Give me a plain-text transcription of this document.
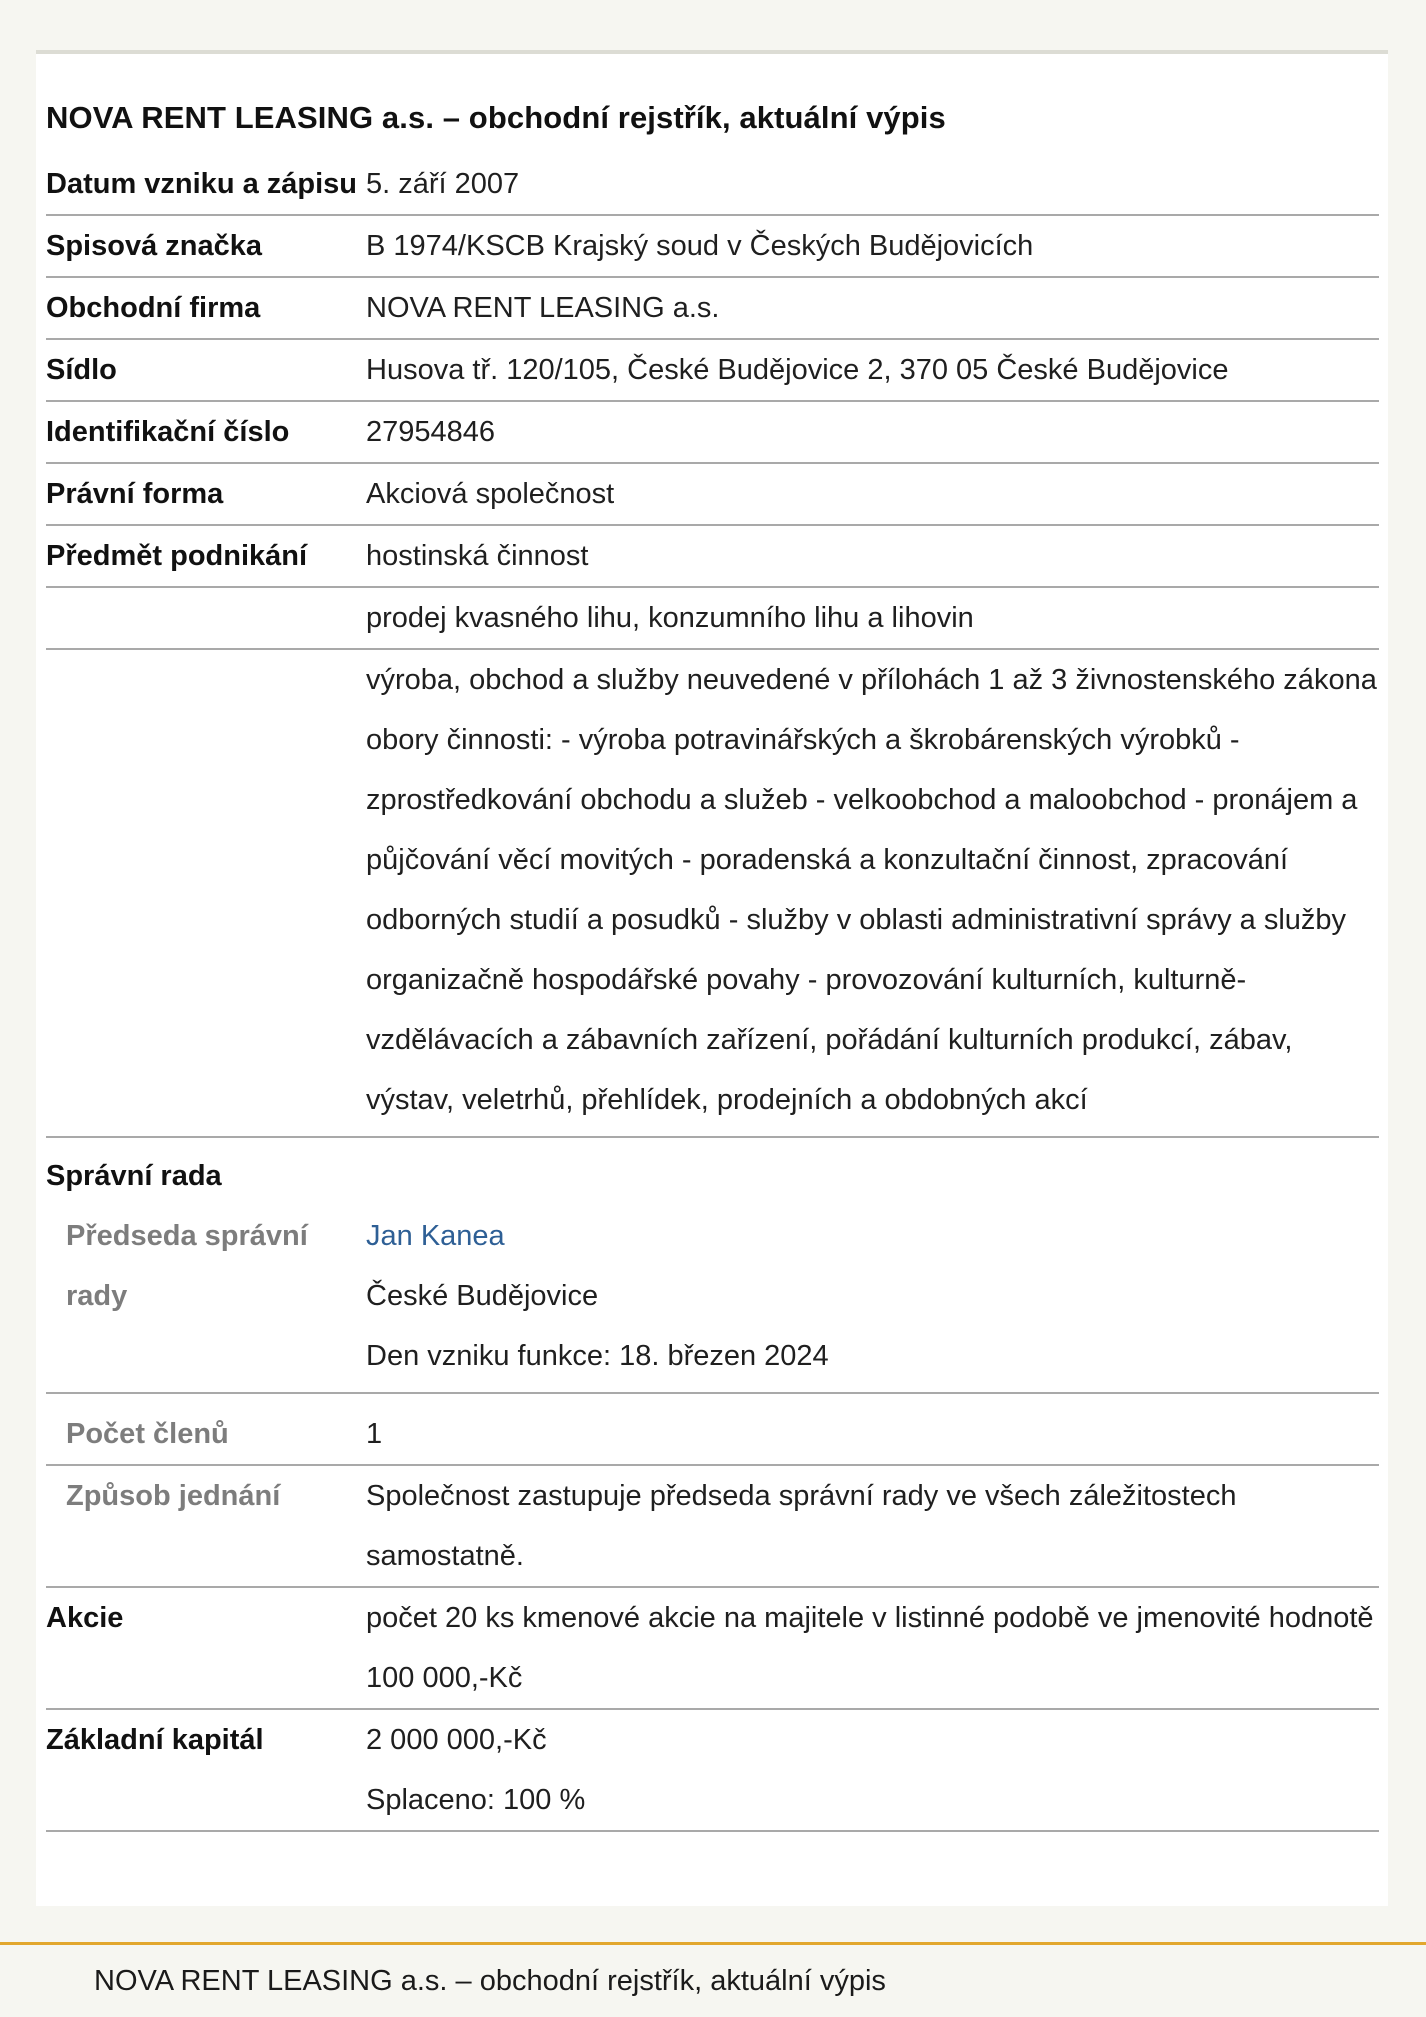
NOVA RENT LEASING a.s. – obchodní rejstřík, aktuální výpis
Datum vzniku a zápisu	5. září 2007
Spisová značka	B 1974/KSCB Krajský soud v Českých Budějovicích
Obchodní firma	NOVA RENT LEASING a.s.
Sídlo	Husova tř. 120/105, České Budějovice 2, 370 05 České Budějovice
Identifikační číslo	27954846
Právní forma	Akciová společnost
Předmět podnikání	hostinská činnost
	prodej kvasného lihu, konzumního lihu a lihovin
	výroba, obchod a služby neuvedené v přílohách 1 až 3 živnostenského zákona obory činnosti: - výroba potravinářských a škrobárenských výrobků - zprostředkování obchodu a služeb - velkoobchod a maloobchod - pronájem a půjčování věcí movitých - poradenská a konzultační činnost, zpracování odborných studií a posudků - služby v oblasti administrativní správy a služby organizačně hospodářské povahy - provozování kulturních, kulturně-vzdělávacích a zábavních zařízení, pořádání kulturních produkcí, zábav, výstav, veletrhů, přehlídek, prodejních a obdobných akcí
Správní rada	
Předseda správní rady	Jan Kanea
České Budějovice
Den vzniku funkce: 18. březen 2024

Počet členů	1
Způsob jednání	Společnost zastupuje předseda správní rady ve všech záležitostech samostatně.
Akcie	počet 20 ks kmenové akcie na majitele v listinné podobě ve jmenovité hodnotě 100 000,-Kč
Základní kapitál	2 000 000,-Kč
Splaceno: 100 %
NOVA RENT LEASING a.s. – obchodní rejstřík, aktuální výpis
